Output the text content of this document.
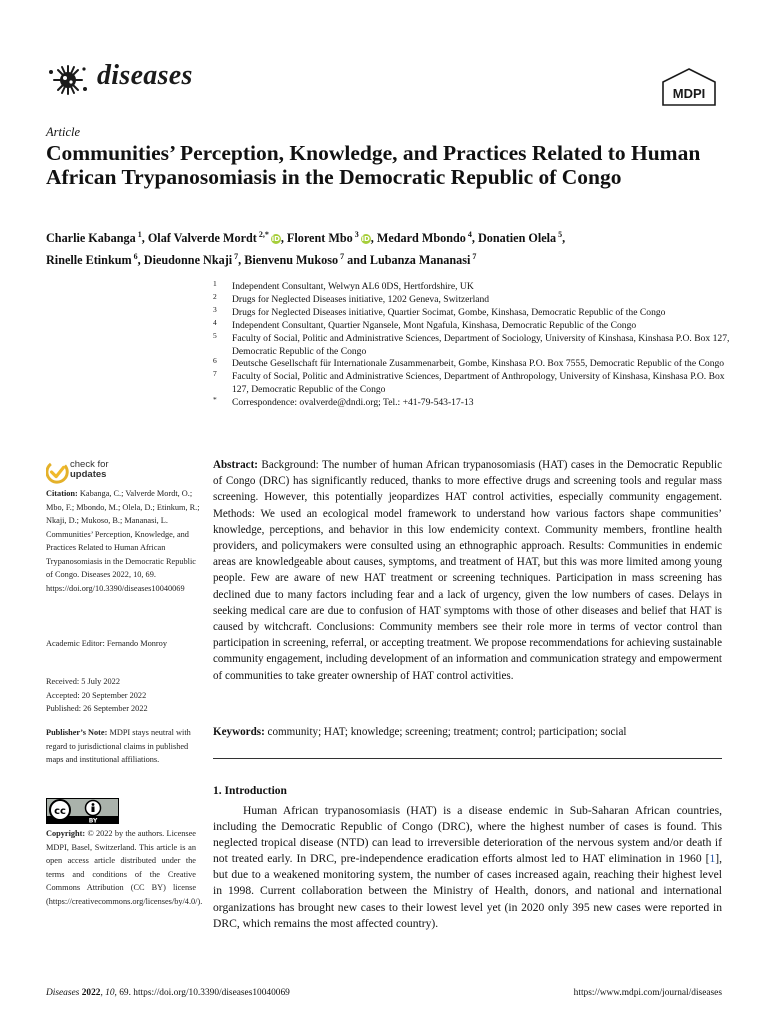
diseases
MDPI
Article
Communities’ Perception, Knowledge, and Practices Related to Human African Trypanosomiasis in the Democratic Republic of Congo
Charlie Kabanga $^1$, Olaf Valverde Mordt $^{2,*}$iD, Florent Mbo $^3$iD, Medard Mbondo $^4$, Donatien Olela $^5$,
Rinelle Etinkum $^6$, Dieudonne Nkaji $^7$, Bienvenu Mukoso $^7$ and Lubanza Mananasi $^7$
1 Independent Consultant, Welwyn AL6 0DS, Hertfordshire, UK
2 Drugs for Neglected Diseases initiative, 1202 Geneva, Switzerland
3 Drugs for Neglected Diseases initiative, Quartier Socimat, Gombe, Kinshasa, Democratic Republic of the Congo
4 Independent Consultant, Quartier Ngansele, Mont Ngafula, Kinshasa, Democratic Republic of the Congo
5 Faculty of Social, Politic and Administrative Sciences, Department of Sociology, University of Kinshasa, Kinshasa P.O. Box 127, Democratic Republic of the Congo
6 Deutsche Gesellschaft für Internationale Zusammenarbeit, Gombe, Kinshasa P.O. Box 7555, Democratic Republic of the Congo
7 Faculty of Social, Politic and Administrative Sciences, Department of Anthropology, University of Kinshasa, Kinshasa P.O. Box 127, Democratic Republic of the Congo
* Correspondence: ovalverde@dndi.org; Tel.: +41-79-543-17-13
check for
updates

Citation: Kabanga, C.; Valverde Mordt, O.; Mbo, F.; Mbondo, M.; Olela, D.; Etinkum, R.; Nkaji, D.; Mukoso, B.; Mananasi, L. Communities’ Perception, Knowledge, and Practices Related to Human African Trypanosomiasis in the Democratic Republic of Congo. Diseases 2022, 10, 69. https://doi.org/10.3390/diseases10040069

Academic Editor: Fernando Monroy

Received: 5 July 2022
Accepted: 20 September 2022
Published: 26 September 2022

Publisher’s Note: MDPI stays neutral with regard to jurisdictional claims in published maps and institutional affiliations.

Copyright: © 2022 by the authors. Licensee MDPI, Basel, Switzerland. This article is an open access article distributed under the terms and conditions of the Creative Commons Attribution (CC BY) license (https://creativecommons.org/licenses/by/4.0/).

cc
BY
Abstract: Background: The number of human African trypanosomiasis (HAT) cases in the Democratic Republic of Congo (DRC) has significantly reduced, thanks to more effective drugs and screening tools and regular mass screening. However, this potentially jeopardizes HAT control activities, especially community engagement. Methods: We used an ecological model framework to understand how various factors shape communities’ knowledge, perceptions, and behavior in this low endemicity context. Community members, frontline health providers, and policymakers were consulted using an ethnographic approach. Results: Communities in endemic areas are knowledgeable about causes, symptoms, and treatment of HAT, but this was more limited among young people. Few are aware of new HAT treatment or screening techniques. Participation in mass screening has declined due to many factors including fear and a lack of urgency, given the low numbers of cases. Delays in seeking medical care are due to confusion of HAT symptoms with those of other diseases and belief that HAT is caused by witchcraft. Conclusions: Community members see their role more in terms of vector control than participation in screening, referral, or accepting treatment. We propose recommendations for achieving sustainable community engagement, including development of an information and communication strategy and empowerment of communities to take greater ownership of HAT control activities.
Keywords: community; HAT; knowledge; screening; treatment; control; participation; social
1. Introduction
Human African trypanosomiasis (HAT) is a disease endemic in Sub-Saharan African countries, including the Democratic Republic of Congo (DRC), where the highest number of cases is found. This neglected tropical disease (NTD) can lead to irreversible deterioration of the nervous system and/or death if not treated early. In DRC, pre-independence eradication efforts almost led to HAT elimination in 1960 [1], but due to a weakened monitoring system, the number of cases increased again, reaching their highest level in 1998. Current collaboration between the Ministry of Health, donors, and national and international organizations has brought new cases to their lowest level yet (in 2020 only 395 new cases were reported in DRC, which remains the most affected country).
Diseases 2022, 10, 69. https://doi.org/10.3390/diseases10040069	https://www.mdpi.com/journal/diseases
